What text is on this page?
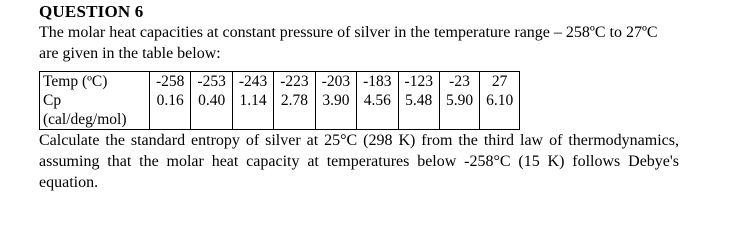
QUESTION 6

The molar heat capacities at constant pressure of silver in the temperature range – 258ºC to 27ºC are given in the table below:

Temp (ºC)	-258	-253	-243	-223	-203	-183	-123	-23	27

Cp
(cal/deg/mol)	0.16	0.40	1.14	2.78	3.90	4.56	5.48	5.90	6.10

Calculate the standard entropy of silver at 25°C (298 K) from the third law of thermodynamics, assuming that the molar heat capacity at temperatures below -258°C (15 K) follows Debye's equation.
